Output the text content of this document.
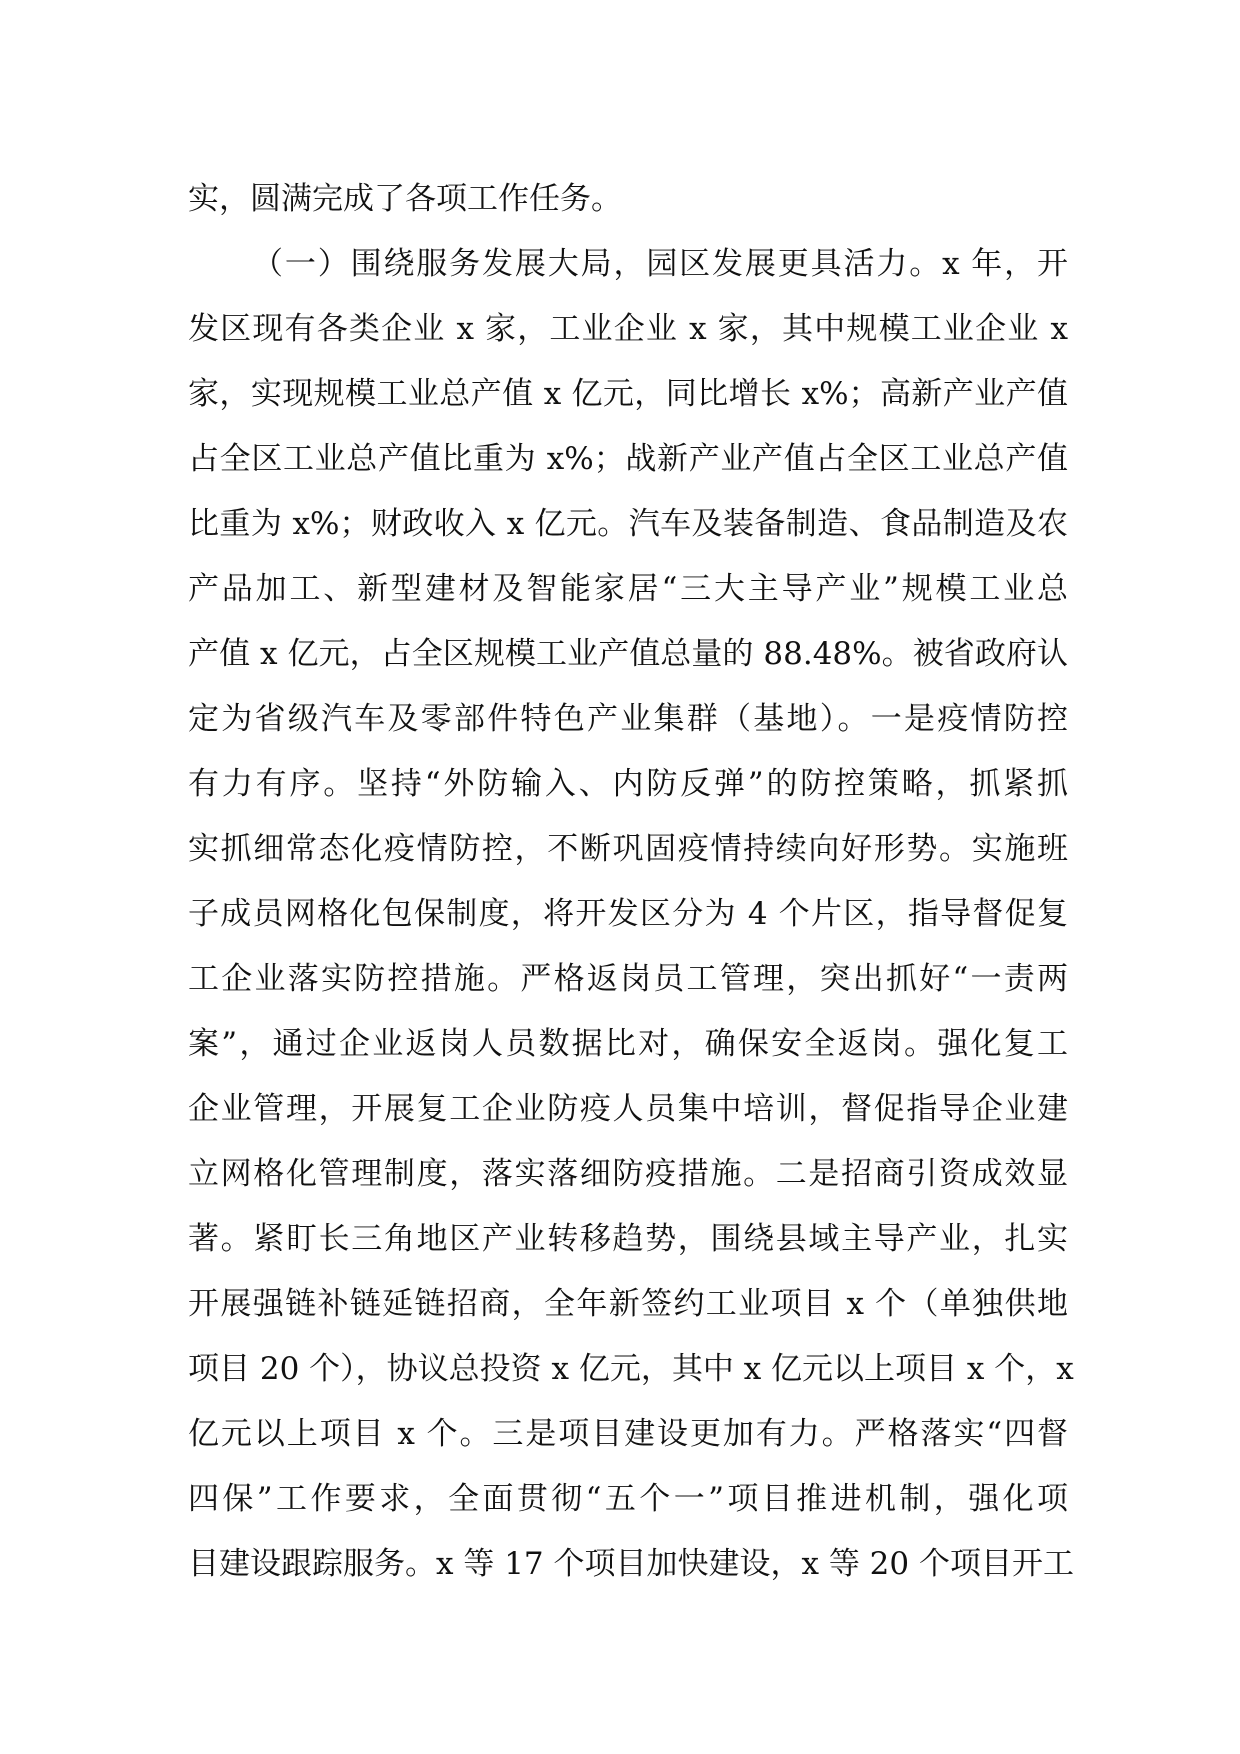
实，圆满完成了各项工作任务。
（一）围绕服务发展大局，园区发展更具活力。x 年，开
发区现有各类企业 x 家，工业企业 x 家，其中规模工业企业 x
家，实现规模工业总产值 x 亿元，同比增长 x%；高新产业产值
占全区工业总产值比重为 x%；战新产业产值占全区工业总产值
比重为 x%；财政收入 x 亿元。汽车及装备制造、食品制造及农
产品加工、新型建材及智能家居“三大主导产业”规模工业总
产值 x 亿元，占全区规模工业产值总量的 88.48%。被省政府认
定为省级汽车及零部件特色产业集群（基地）。一是疫情防控
有力有序。坚持“外防输入、内防反弹”的防控策略，抓紧抓
实抓细常态化疫情防控，不断巩固疫情持续向好形势。实施班
子成员网格化包保制度，将开发区分为 4 个片区，指导督促复
工企业落实防控措施。严格返岗员工管理，突出抓好“一责两
案”，通过企业返岗人员数据比对，确保安全返岗。强化复工
企业管理，开展复工企业防疫人员集中培训，督促指导企业建
立网格化管理制度，落实落细防疫措施。二是招商引资成效显
著。紧盯长三角地区产业转移趋势，围绕县域主导产业，扎实
开展强链补链延链招商，全年新签约工业项目 x 个（单独供地
项目 20 个），协议总投资 x 亿元，其中 x 亿元以上项目 x 个，x
亿元以上项目 x 个。三是项目建设更加有力。严格落实“四督
四保”工作要求，全面贯彻“五个一”项目推进机制，强化项
目建设跟踪服务。x 等 17 个项目加快建设，x 等 20 个项目开工
